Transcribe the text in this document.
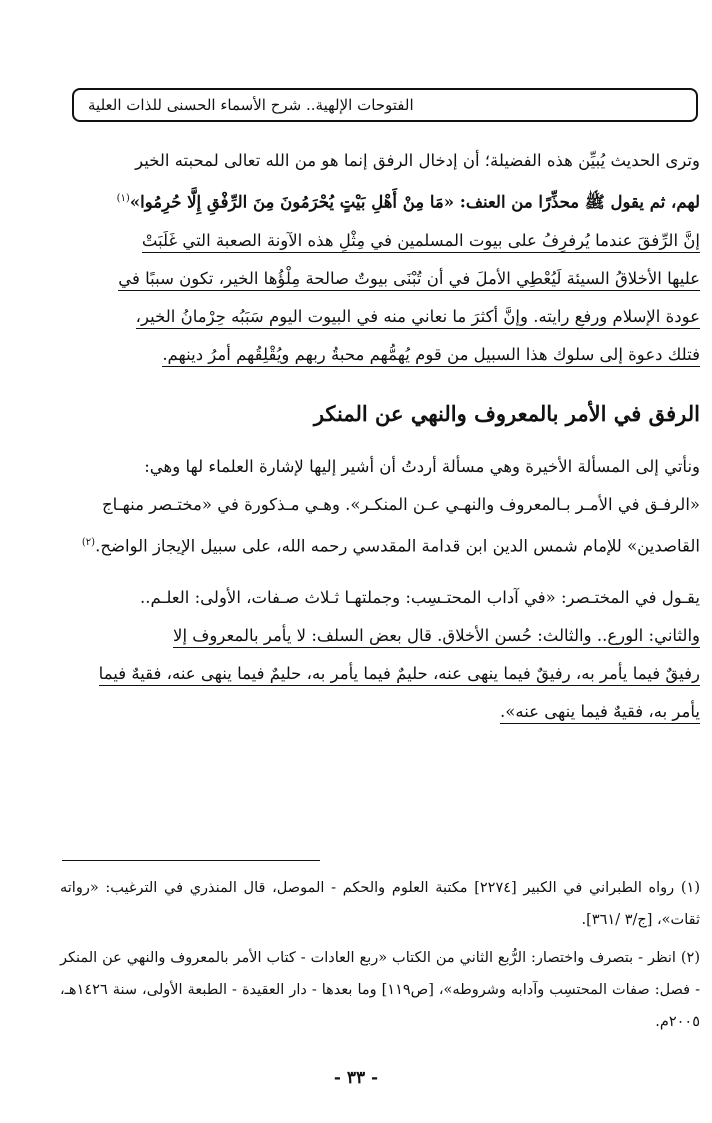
الفتوحات الإلهية.. شرح الأسماء الحسنى للذات العلية

وترى الحديث يُبيِّن هذه الفضيلة؛ أن إدخال الرفق إنما هو من الله تعالى لمحبته الخير

لهم، ثم يقول ﷺ محذِّرًا من العنف: «مَا مِنْ أَهْلِ بَيْتٍ يُحْرَمُونَ مِنَ الرِّفْقِ إِلَّا حُرِمُوا»$^{(١)}$

إنَّ الرِّفقَ عندما يُرفرِفُ على بيوت المسلمين في مِثْلِ هذه الآونة الصعبة التي غَلَبَتْ

عليها الأخلاقُ السيئة لَيُعْطِي الأملَ في أن تُبْنَى بيوتٌ صالحة مِلْؤُها الخير، تكون سببًا في

عودة الإسلام ورفعِ رايته. وإنَّ أكثرَ ما نعاني منه في البيوت اليوم سَبَبُه حِرْمانُ الخير،

فتلك دعوة إلى سلوك هذا السبيل من قوم يُهمُّهم محبةُ ربهم ويُقْلِقُهم أمرُ دينهم.

الرفق في الأمر بالمعروف والنهي عن المنكر

ونأتي إلى المسألة الأخيرة وهي مسألة أردتُ أن أشير إليها لإشارة العلماء لها وهي:

«الرفـق في الأمـر بـالمعروف والنهـي عـن المنكـر». وهـي مـذكورة في «مختـصر منهـاج

القاصدين» للإمام شمس الدين ابن قدامة المقدسي رحمه الله، على سبيل الإيجاز الواضح.$^{(٢)}$

يقـول في المختـصر: «في آداب المحتـسِب: وجملتهـا ثـلاث صـفات، الأولى: العلـم..

والثاني: الورع.. والثالث: حُسن الأخلاق. قال بعض السلف: لا يأمر بالمعروف إلا

رفيقٌ فيما يأمر به، رفيقٌ فيما ينهى عنه، حليمٌ فيما يأمر به، حليمٌ فيما ينهى عنه، فقيهٌ فيما

يأمر به، فقيهٌ فيما ينهى عنه».

(١) رواه الطبراني في الكبير [٢٢٧٤] مكتبة العلوم والحكم - الموصل، قال المنذري في الترغيب: «رواته ثقات»، [ج/٣ /٣٦١].

(٢) انظر - بتصرف واختصار: الرُّبع الثاني من الكتاب «ربع العادات - كتاب الأمر بالمعروف والنهي عن المنكر - فصل: صفات المحتسِب وآدابه وشروطه»، [ص١١٩] وما بعدها - دار العقيدة - الطبعة الأولى، سنة ١٤٢٦هـ، ٢٠٠٥م.

- ٣٣ -
